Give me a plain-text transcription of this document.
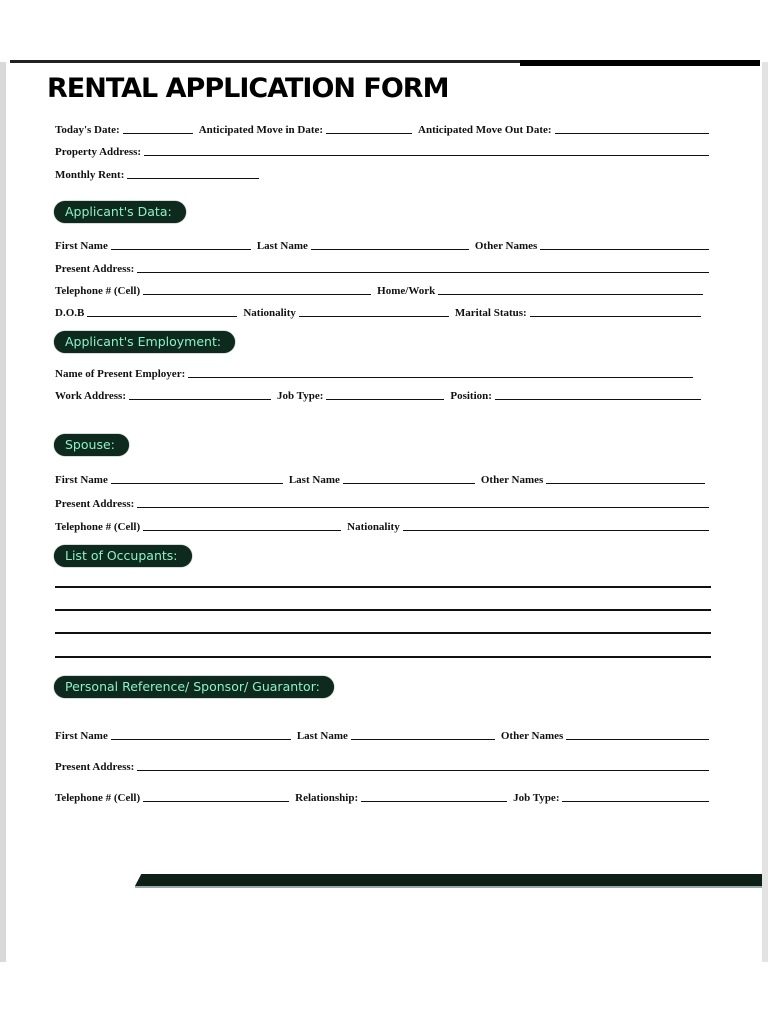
RENTAL APPLICATION FORM
Today's Date:	Anticipated Move in Date:	Anticipated Move Out Date:
Property Address:
Monthly Rent:
Applicant's Data:
First Name	Last Name	Other Names
Present Address:
Telephone # (Cell)	Home/Work
D.O.B	Nationality	Marital Status:
Applicant's Employment:
Name of Present Employer:
Work Address:	Job Type:	Position:
Spouse:
First Name	Last Name	Other Names
Present Address:
Telephone # (Cell)	Nationality
List of Occupants:
Personal Reference/ Sponsor/ Guarantor:
First Name	Last Name	Other Names
Present Address:
Telephone # (Cell)	Relationship:	Job Type:
